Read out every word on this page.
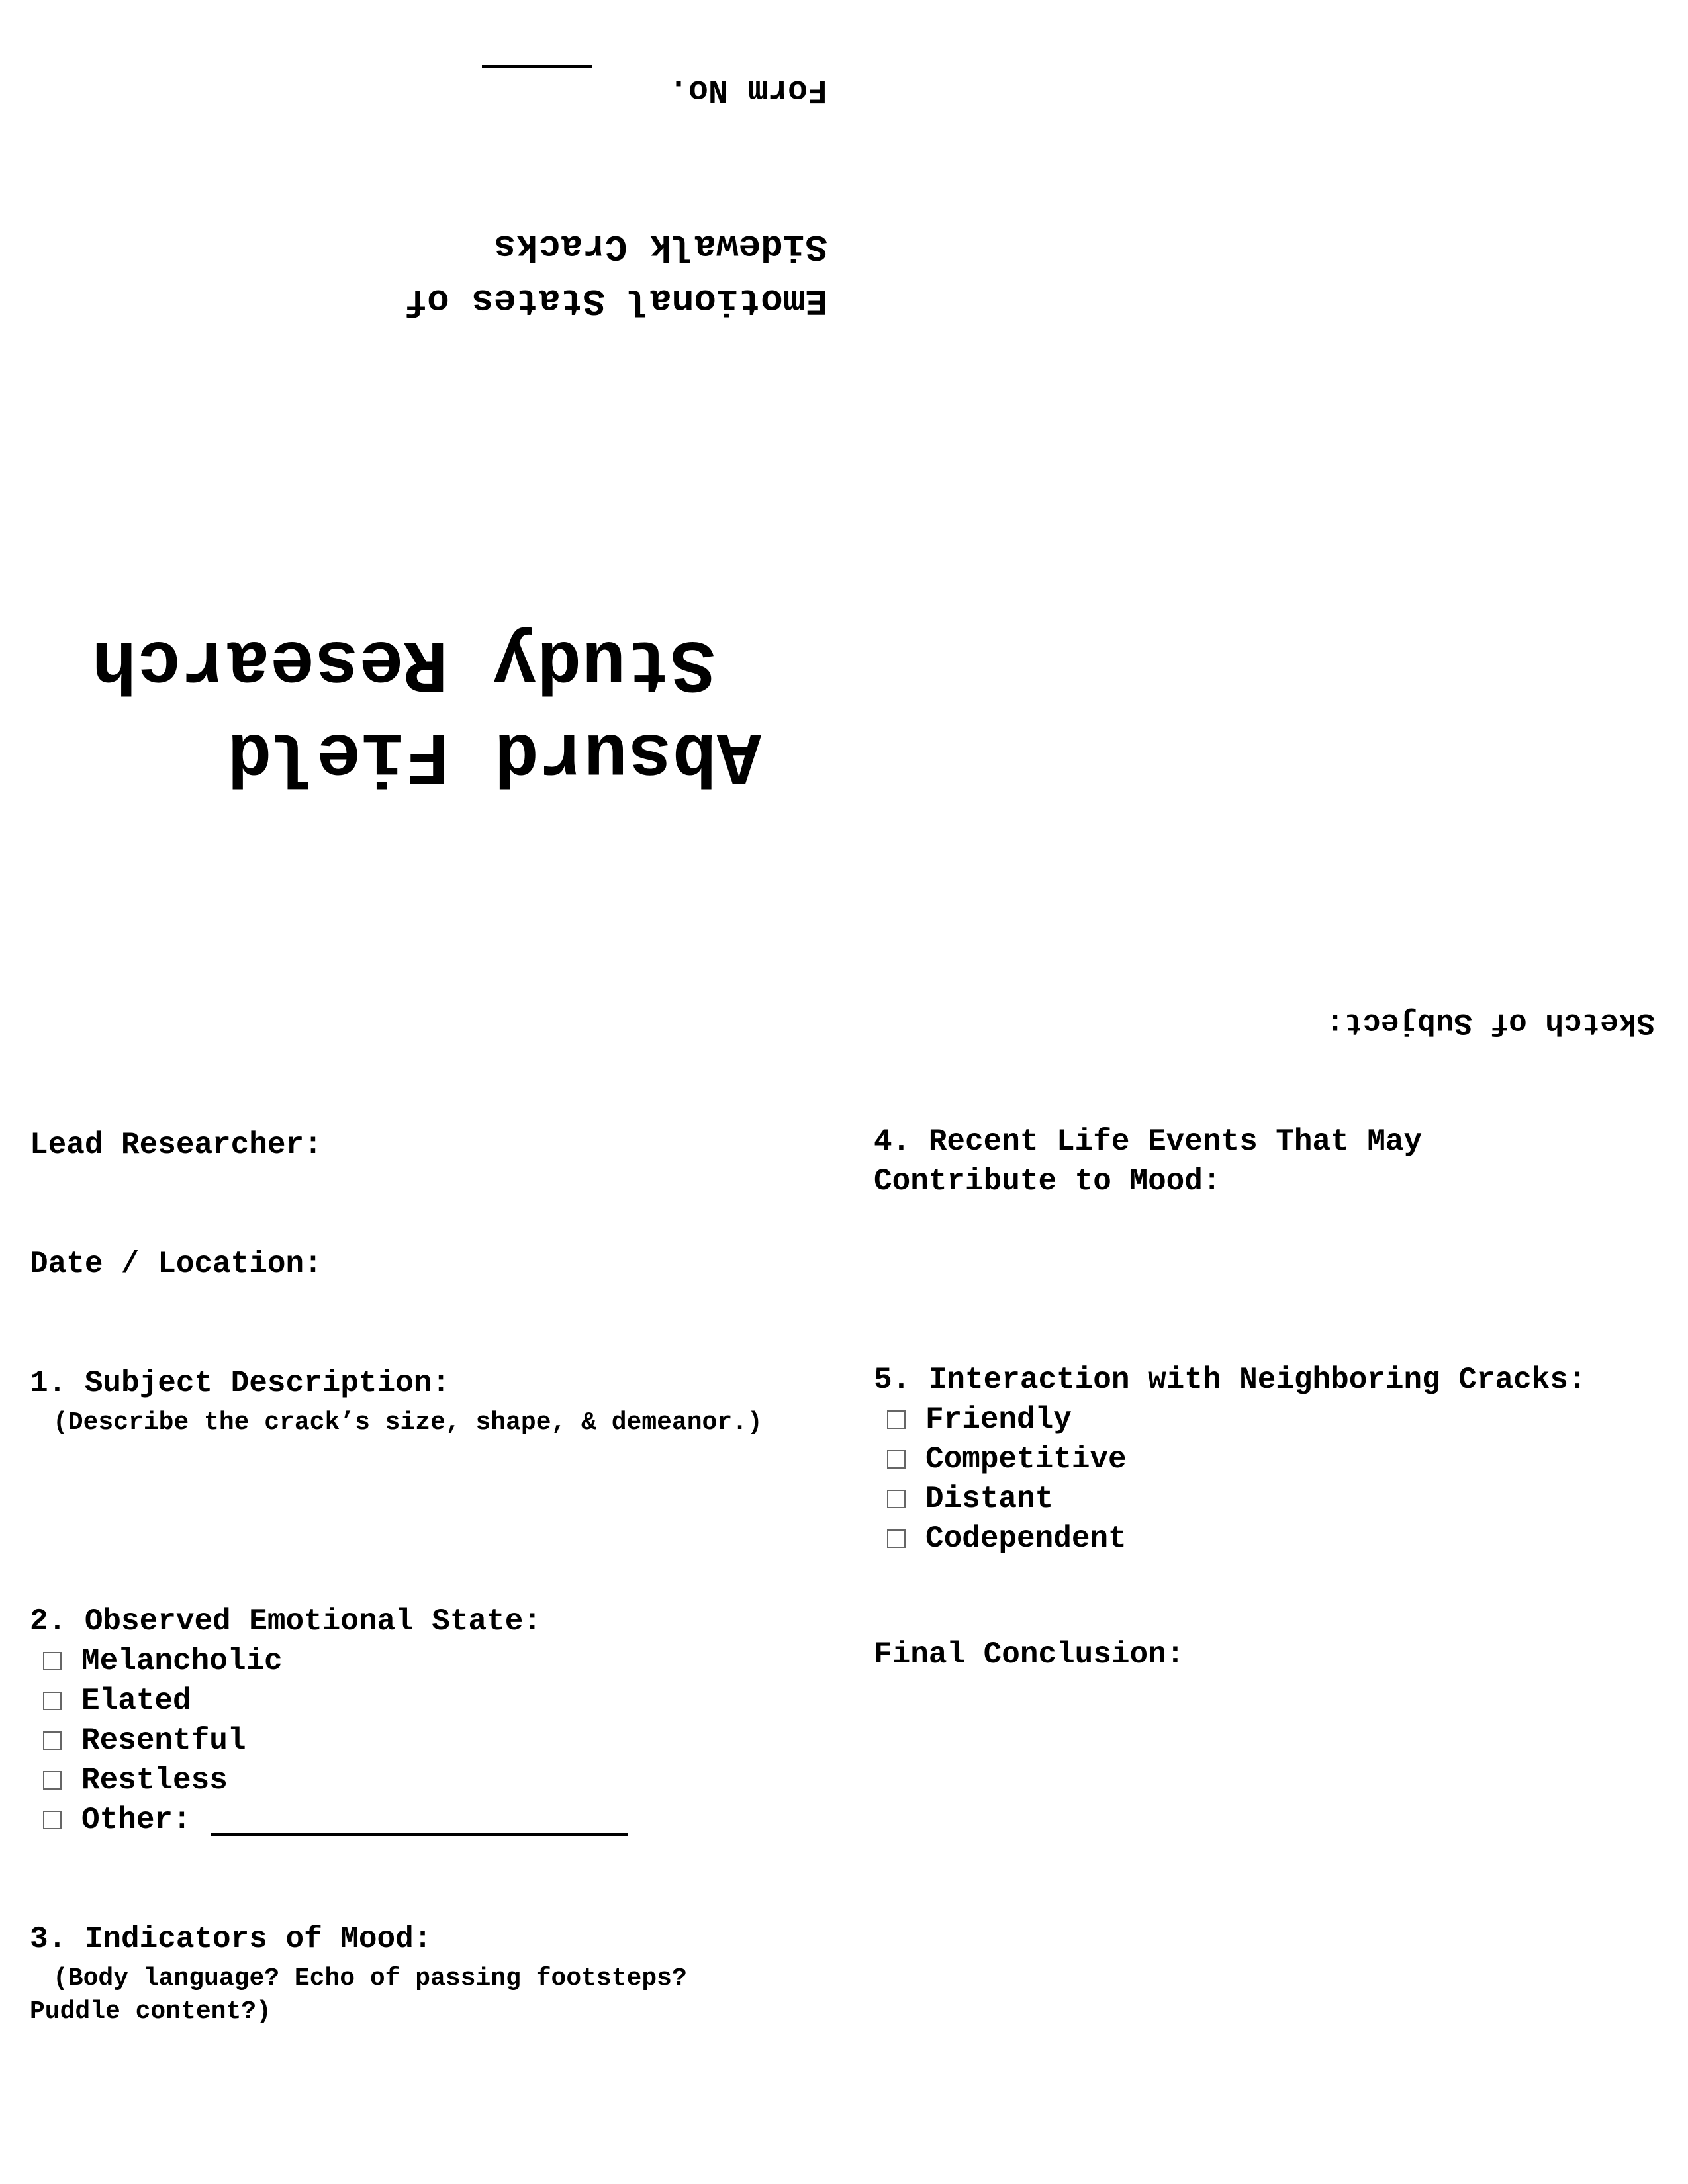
Form No.
Emotional States of
Sidewalk Cracks
Absurd Field
Study Research
Sketch of Subject:
Lead Researcher:
Date / Location:
1. Subject Description:
(Describe the crack’s size, shape, & demeanor.)
2. Observed Emotional State:
Melancholic
Elated
Resentful
Restless
Other:
3. Indicators of Mood:
(Body language? Echo of passing footsteps?
Puddle content?)
4. Recent Life Events That May
Contribute to Mood:
5. Interaction with Neighboring Cracks:
Friendly
Competitive
Distant
Codependent
Final Conclusion:
